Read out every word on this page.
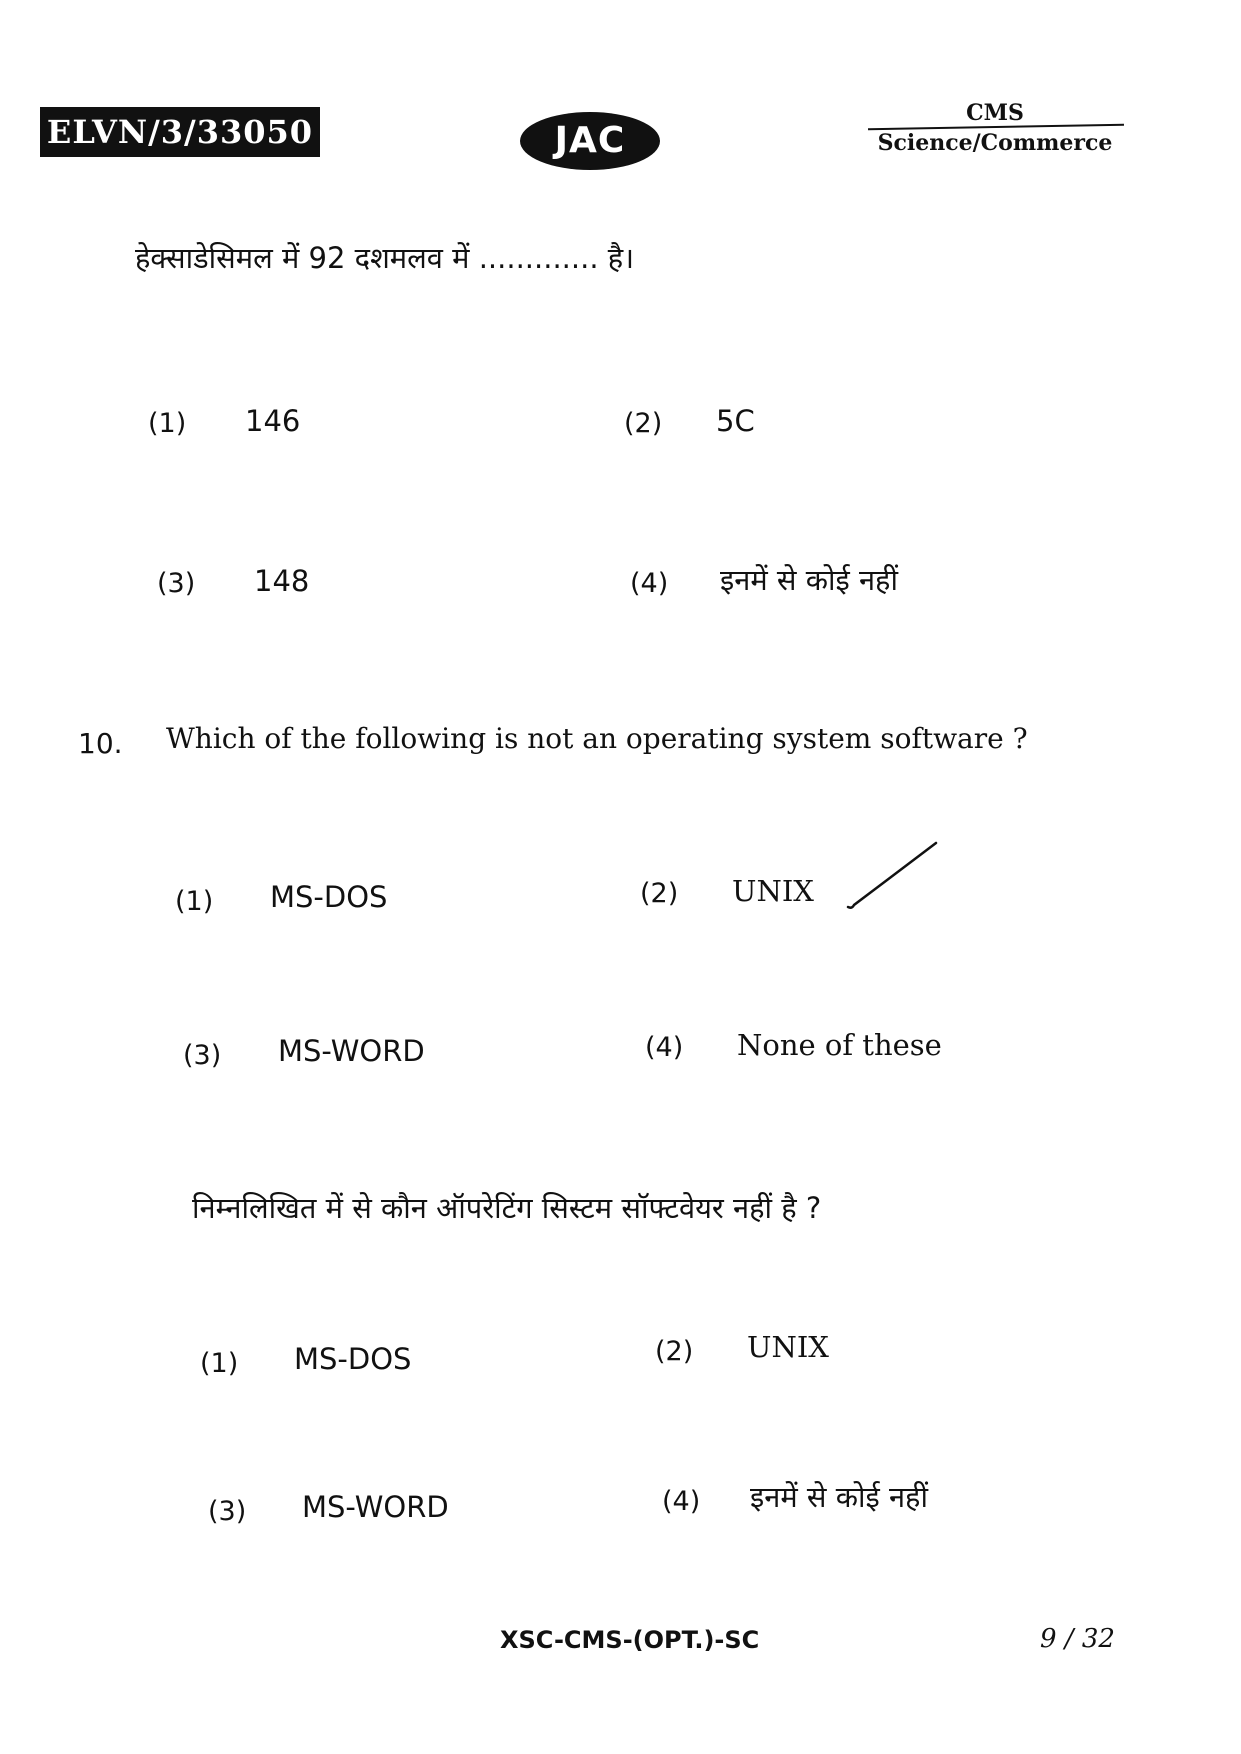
ELVN/3/33050	JAC
CMS
Science/Commerce
हेक्साडेसिमल में 92 दशमलव में ............. है।
(1) 146	(2) 5C
(3) 148	(4) इनमें से कोई नहीं
10. Which of the following is not an operating system software ?
(1) MS-DOS	(2) UNIX
(3) MS-WORD	(4) None of these
निम्नलिखित में से कौन ऑपरेटिंग सिस्टम सॉफ्टवेयर नहीं है ?
(1) MS-DOS	(2) UNIX
(3) MS-WORD	(4) इनमें से कोई नहीं
XSC-CMS-(OPT.)-SC	9 / 32
